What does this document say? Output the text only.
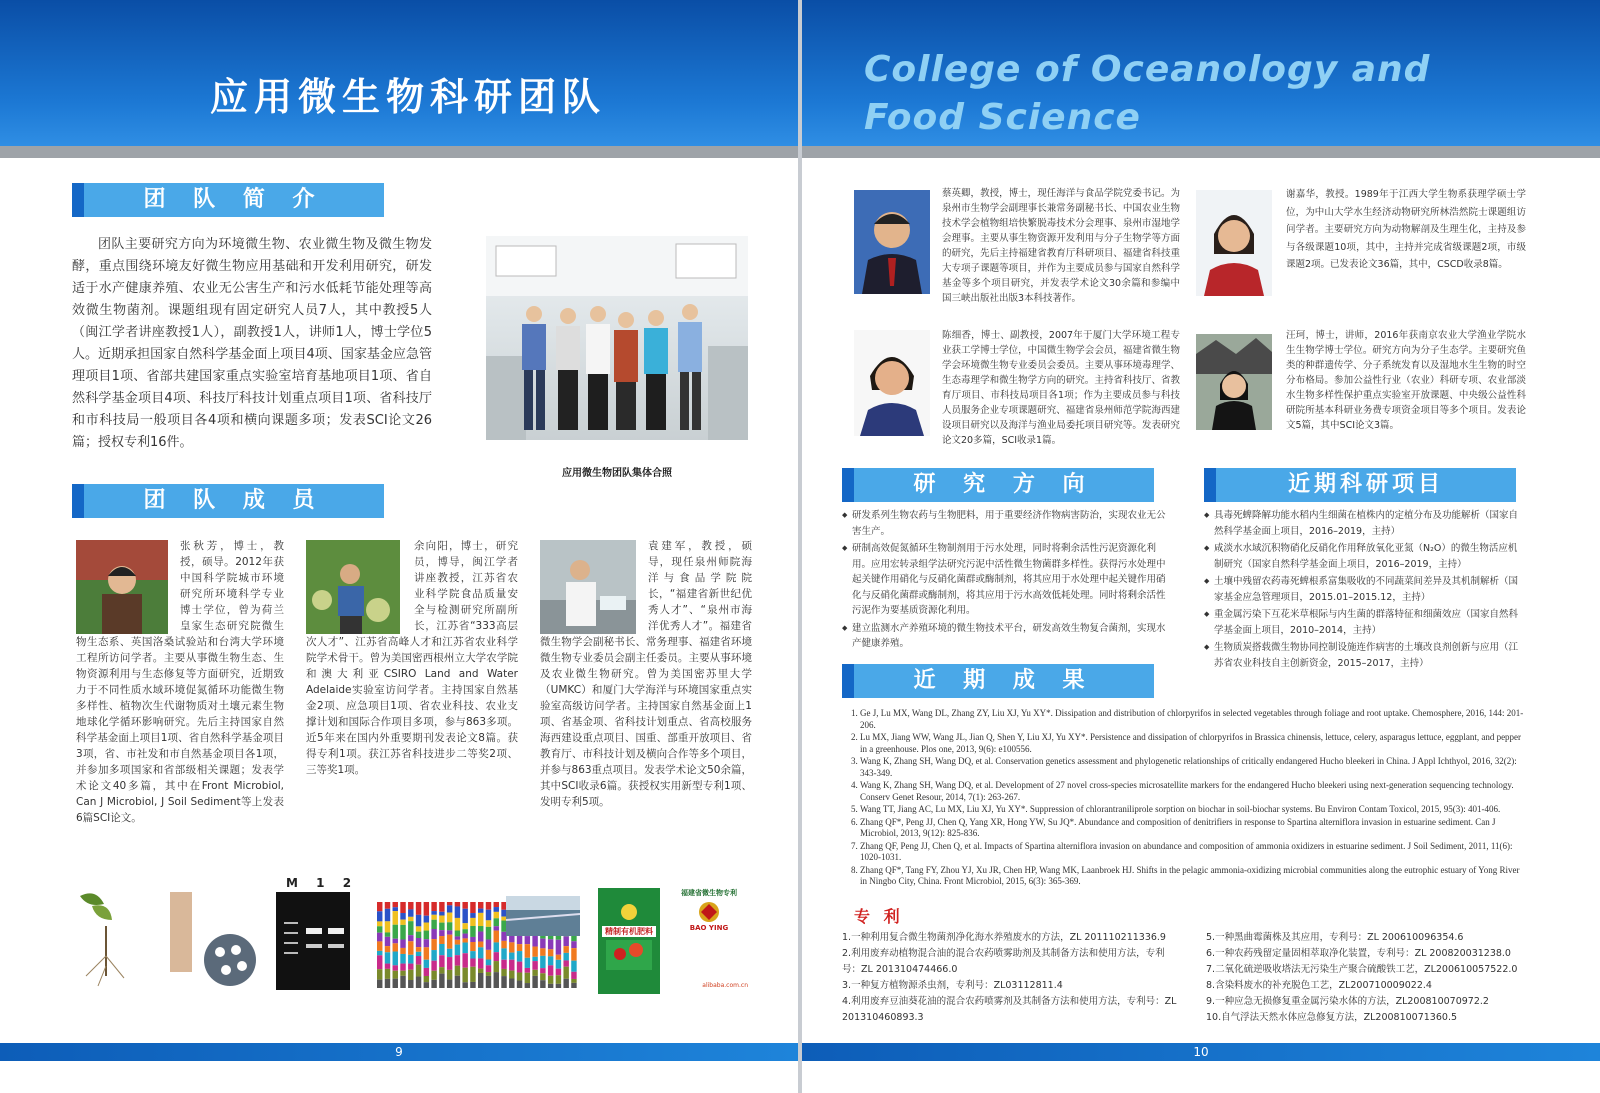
应用微生物科研团队
团 队 简 介
团队主要研究方向为环境微生物、农业微生物及微生物发酵，重点围绕环境友好微生物应用基础和开发利用研究，研发适于水产健康养殖、农业无公害生产和污水低耗节能处理等高效微生物菌剂。课题组现有固定研究人员7人，其中教授5人（闽江学者讲座教授1人），副教授1人，讲师1人，博士学位5人。近期承担国家自然科学基金面上项目4项、国家基金应急管理项目1项、省部共建国家重点实验室培育基地项目1项、省自然科学基金项目4项、科技厅科技计划重点项目1项、省科技厅和市科技局一般项目各4项和横向课题多项；发表SCI论文26篇；授权专利16件。
应用微生物团队集体合照
团 队 成 员
张秋芳，博士，教授，硕导。2012年获中国科学院城市环境研究所环境科学专业博士学位，曾为荷兰皇家生态研究院微生物生态系、英国洛桑试验站和台湾大学环境工程所访问学者。主要从事微生物生态、生物资源利用与生态修复等方面研究，近期致力于不同性质水域环境促氮循环功能微生物多样性、植物次生代谢物质对土壤元素生物地球化学循环影响研究。先后主持国家自然科学基金面上项目1项、省自然科学基金项目3项，省、市社发和市自然基金项目各1项，并参加多项国家和省部级相关课题；发表学术论文40多篇，其中在Front Microbiol, Can J Microbiol, J Soil Sediment等上发表6篇SCI论文。
余向阳，博士，研究员，博导，闽江学者讲座教授，江苏省农业科学院食品质量安全与检测研究所副所长，江苏省“333高层次人才”、江苏省高峰人才和江苏省农业科学院学术骨干。曾为美国密西根州立大学农学院和澳大利亚CSIRO Land and Water Adelaide实验室访问学者。主持国家自然基金2项、应急项目1项、省农业科技、农业支撑计划和国际合作项目多项，参与863多项。近5年来在国内外重要期刊发表论文8篇。获得专利1项。获江苏省科技进步二等奖2项、三等奖1项。
袁建军，教授，硕导，现任泉州师院海洋与食品学院院长，“福建省新世纪优秀人才”、“泉州市海洋优秀人才”。福建省微生物学会副秘书长、常务理事、福建省环境微生物专业委员会副主任委员。主要从事环境及农业微生物研究。曾为美国密苏里大学（UMKC）和厦门大学海洋与环境国家重点实验室高级访问学者。主持国家自然基金面上1项、省基金项、省科技计划重点、省高校服务海西建设重点项目、国重、部重开放项目、省教育厅、市科技计划及横向合作等多个项目，并参与863重点项目。发表学术论文50余篇，其中SCI收录6篇。获授权实用新型专利1项、发明专利5项。
M 1 2
精制有机肥料
福建省微生物专利
BAO YING
alibaba.com.cn
9
College of Oceanology and
Food Science
蔡英卿，教授，博士，现任海洋与食品学院党委书记。为泉州市生物学会副理事长兼常务副秘书长、中国农业生物技术学会植物组培快繁脱毒技术分会理事、泉州市湿地学会理事。主要从事生物资源开发利用与分子生物学等方面的研究，先后主持福建省教育厅科研项目、福建省科技重大专项子课题等项目，并作为主要成员参与国家自然科学基金等多个项目研究，并发表学术论文30余篇和参编中国三峡出版社出版3本科技著作。
谢嘉华，教授。1989年于江西大学生物系获理学硕士学位，为中山大学水生经济动物研究所林浩然院士课题组访问学者。主要研究方向为动物解剖及生理生化，主持及参与各级课题10项，其中，主持并完成省级课题2项，市级课题2项。已发表论文36篇，其中，CSCD收录8篇。
陈细香，博士、副教授，2007年于厦门大学环境工程专业获工学博士学位，中国微生物学会会员，福建省微生物学会环境微生物专业委员会委员。主要从事环境毒理学、生态毒理学和微生物学方向的研究。主持省科技厅、省教育厅项目、市科技局项目各1项；作为主要成员参与科技人员服务企业专项课题研究、福建省泉州师范学院海西建设项目研究以及海洋与渔业局委托项目研究等。发表研究论文20多篇，SCI收录1篇。
汪珂，博士，讲师，2016年获南京农业大学渔业学院水生生物学博士学位。研究方向为分子生态学。主要研究鱼类的种群遗传学、分子系统发育以及湿地水生生物的时空分布格局。参加公益性行业（农业）科研专项、农业部淡水生物多样性保护重点实验室开放课题、中央级公益性科研院所基本科研业务费专项资金项目等多个项目。发表论文5篇，其中SCI论文3篇。
研 究 方 向
◆ 研发系列生物农药与生物肥料，用于重要经济作物病害防治，实现农业无公害生产。
◆ 研制高效促氮循环生物制剂用于污水处理，同时将剩余活性污泥资源化利用。应用宏转录组学法研究污泥中活性微生物菌群多样性。获得污水处理中起关键作用硝化与反硝化菌群或酶制剂，将其应用于水处理中起关键作用硝化与反硝化菌群或酶制剂，将其应用于污水高效低耗处理。同时将剩余活性污泥作为要基质资源化利用。
◆ 建立监测水产养殖环境的微生物技术平台，研发高效生物复合菌剂，实现水产健康养殖。
近期科研项目
◆ 具毒死蜱降解功能水稻内生细菌在植株内的定植分布及功能解析（国家自然科学基金面上项目，2016–2019，主持）
◆ 咸淡水水域沉积物硝化反硝化作用释放氧化亚氮（N₂O）的微生物活应机制研究（国家自然科学基金面上项目，2016–2019，主持）
◆ 土壤中残留农药毒死蜱根系富集吸收的不同蔬菜间差异及其机制解析（国家基金应急管理项目，2015.01–2015.12，主持）
◆ 重金属污染下互花米草根际与内生菌的群落特征和细菌效应（国家自然科学基金面上项目，2010–2014，主持）
◆ 生物质炭搭载微生物协同控制设施连作病害的土壤改良剂创新与应用（江苏省农业科技自主创新资金，2015–2017，主持）
近 期 成 果
1. Ge J, Lu MX, Wang DL, Zhang ZY, Liu XJ, Yu XY*. Dissipation and distribution of chlorpyrifos in selected vegetables through foliage and root uptake. Chemosphere, 2016, 144: 201-206.
2. Lu MX, Jiang WW, Wang JL, Jian Q, Shen Y, Liu XJ, Yu XY*. Persistence and dissipation of chlorpyrifos in Brassica chinensis, lettuce, celery, asparagus lettuce, eggplant, and pepper in a greenhouse. Plos one, 2013, 9(6): e100556.
3. Wang K, Zhang SH, Wang DQ, et al. Conservation genetics assessment and phylogenetic relationships of critically endangered Hucho bleekeri in China. J Appl Ichthyol, 2016, 32(2): 343-349.
4. Wang K, Zhang SH, Wang DQ, et al. Development of 27 novel cross-species microsatellite markers for the endangered Hucho bleekeri using next-generation sequencing technology. Conserv Genet Resour, 2014, 7(1): 263-267.
5. Wang TT, Jiang AC, Lu MX, Liu XJ, Yu XY*. Suppression of chlorantraniliprole sorption on biochar in soil-biochar systems. Bu Environ Contam Toxicol, 2015, 95(3): 401-406.
6. Zhang QF*, Peng JJ, Chen Q, Yang XR, Hong YW, Su JQ*. Abundance and composition of denitrifiers in response to Spartina alterniflora invasion in estuarine sediment. Can J Microbiol, 2013, 9(12): 825-836.
7. Zhang QF, Peng JJ, Chen Q, et al. Impacts of Spartina alterniflora invasion on abundance and composition of ammonia oxidizers in estuarine sediment. J Soil Sediment, 2011, 11(6): 1020-1031.
8. Zhang QF*, Tang FY, Zhou YJ, Xu JR, Chen HP, Wang MK, Laanbroek HJ. Shifts in the pelagic ammonia-oxidizing microbial communities along the eutrophic estuary of Yong River in Ningbo City, China. Front Microbiol, 2015, 6(3): 365-369.
专 利
1.一种利用复合微生物菌剂净化海水养殖废水的方法，ZL 201110211336.9
2.利用废弃动植物混合油的混合农药喷雾助剂及其制备方法和使用方法，专利号：ZL 201310474466.0
3.一种复方植物源杀虫剂，专利号：ZL03112811.4
4.利用废弃豆油葵花油的混合农药喷雾剂及其制备方法和使用方法，专利号：ZL 201310460893.3
5.一种黑曲霉菌株及其应用，专利号：ZL 200610096354.6
6.一种农药残留定量固相萃取净化装置，专利号：ZL 200820031238.0
7.二氧化硫逆吸收塔法无污染生产聚合硫酸铁工艺，ZL200610057522.0
8.含染料废水的补充脱色工艺，ZL200710009022.4
9.一种应急无损修复重金属污染水体的方法，ZL200810070972.2
10.自气浮法天然水体应急修复方法，ZL200810071360.5
10
